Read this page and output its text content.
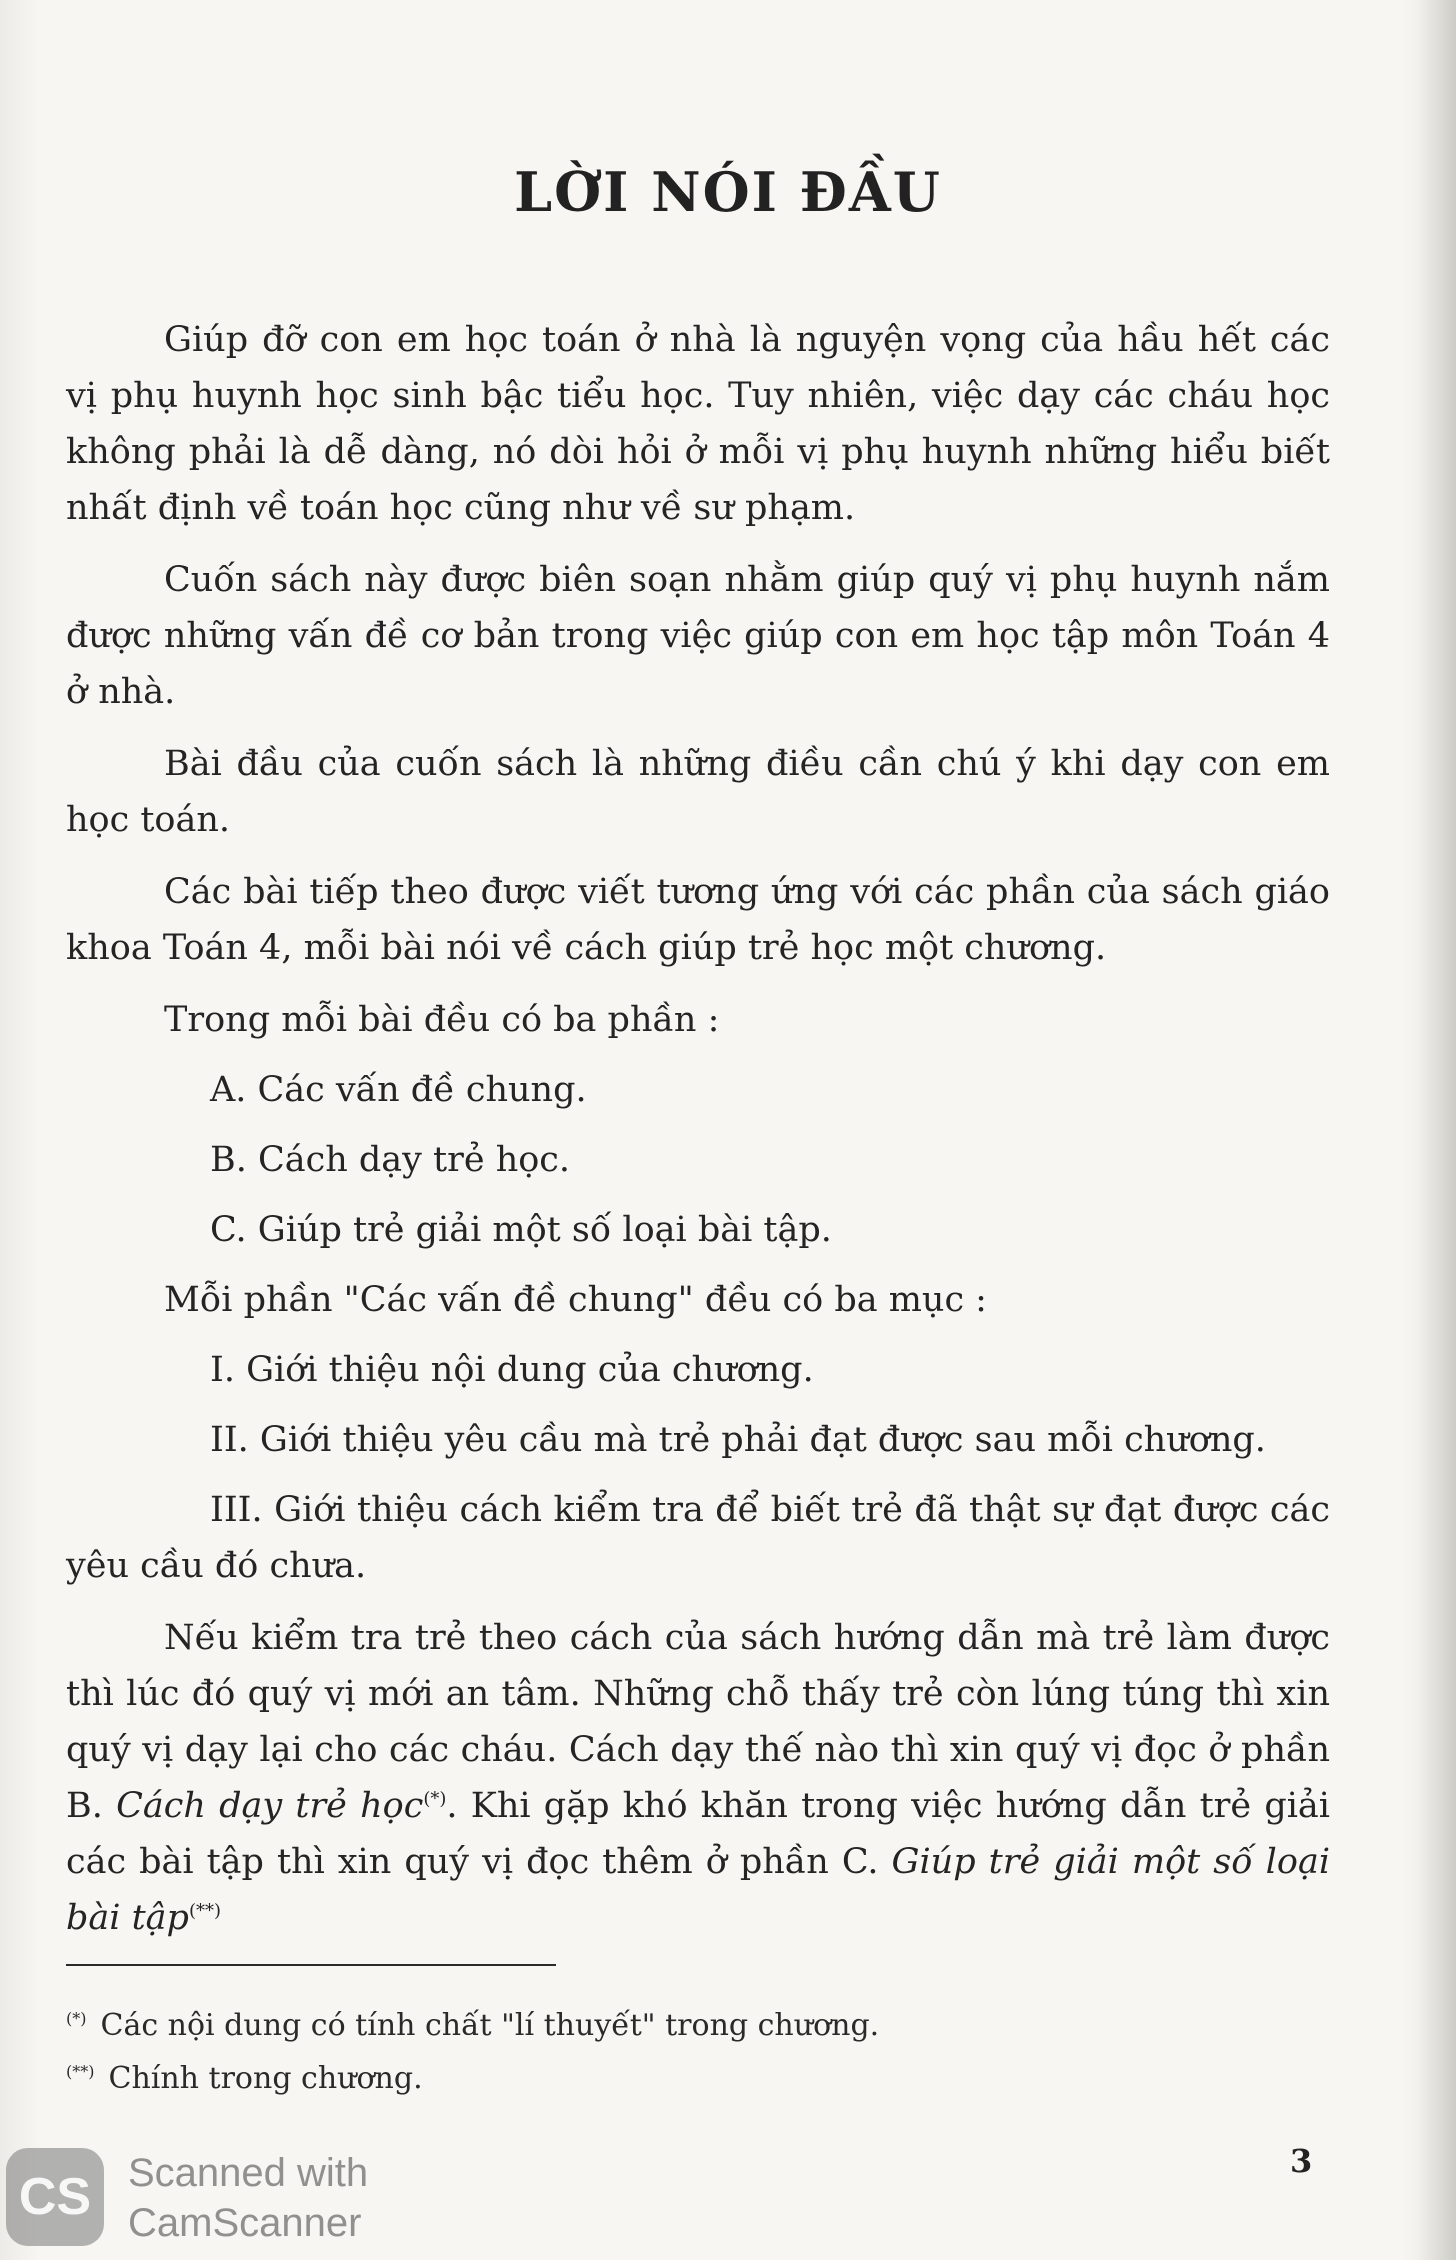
LỜI NÓI ĐẦU

Giúp đỡ con em học toán ở nhà là nguyện vọng của hầu hết các vị phụ huynh học sinh bậc tiểu học. Tuy nhiên, việc dạy các cháu học không phải là dễ dàng, nó dòi hỏi ở mỗi vị phụ huynh những hiểu biết nhất định về toán học cũng như về sư phạm.

Cuốn sách này được biên soạn nhằm giúp quý vị phụ huynh nắm được những vấn đề cơ bản trong việc giúp con em học tập môn Toán 4 ở nhà.

Bài đầu của cuốn sách là những điều cần chú ý khi dạy con em học toán.

Các bài tiếp theo được viết tương ứng với các phần của sách giáo khoa Toán 4, mỗi bài nói về cách giúp trẻ học một chương.

Trong mỗi bài đều có ba phần :

A. Các vấn đề chung.

B. Cách dạy trẻ học.

C. Giúp trẻ giải một số loại bài tập.

Mỗi phần "Các vấn đề chung" đều có ba mục :

I. Giới thiệu nội dung của chương.

II. Giới thiệu yêu cầu mà trẻ phải đạt được sau mỗi chương.

III. Giới thiệu cách kiểm tra để biết trẻ đã thật sự đạt được các yêu cầu đó chưa.

Nếu kiểm tra trẻ theo cách của sách hướng dẫn mà trẻ làm được thì lúc đó quý vị mới an tâm. Những chỗ thấy trẻ còn lúng túng thì xin quý vị dạy lại cho các cháu. Cách dạy thế nào thì xin quý vị đọc ở phần B. Cách dạy trẻ học(*). Khi gặp khó khăn trong việc hướng dẫn trẻ giải các bài tập thì xin quý vị đọc thêm ở phần C. Giúp trẻ giải một số loại bài tập(**)

(*) Các nội dung có tính chất "lí thuyết" trong chương.
(**) Chính trong chương.
3
CS Scanned with
CamScanner
